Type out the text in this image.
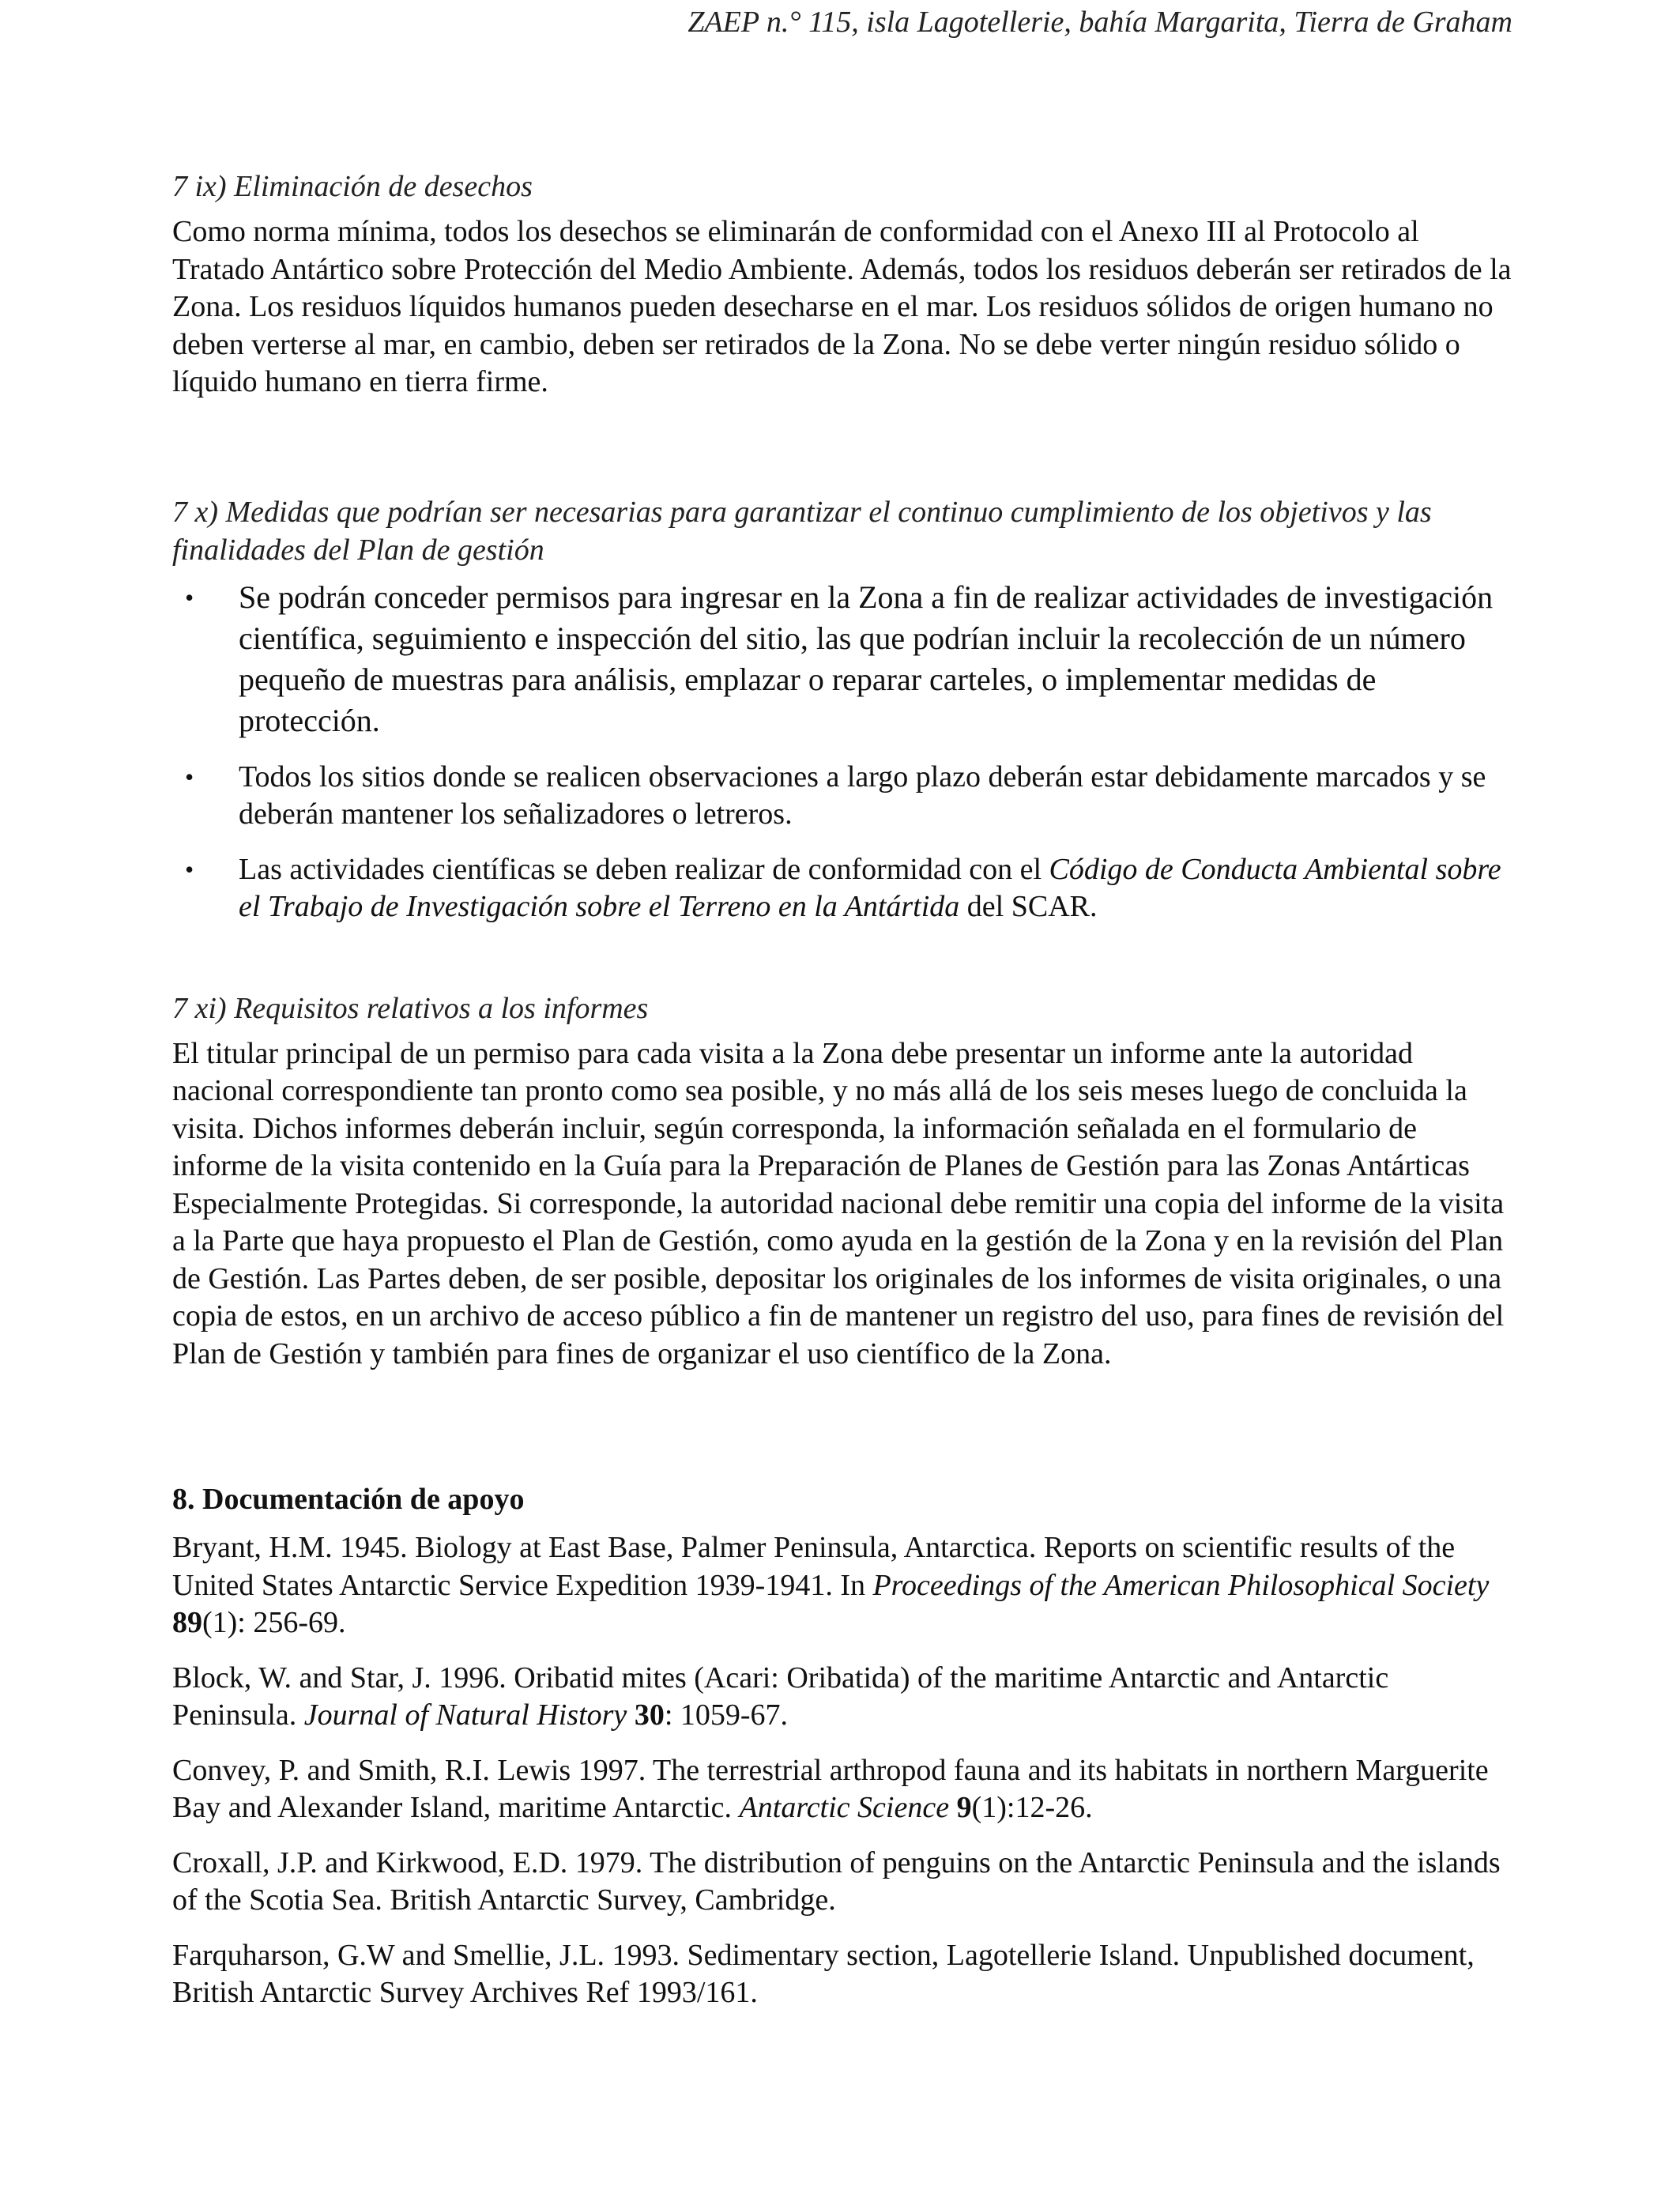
ZAEP n.° 115, isla Lagotellerie, bahía Margarita, Tierra de Graham

7 ix) Eliminación de desechos

Como norma mínima, todos los desechos se eliminarán de conformidad con el Anexo III al Protocolo al Tratado Antártico sobre Protección del Medio Ambiente. Además, todos los residuos deberán ser retirados de la Zona. Los residuos líquidos humanos pueden desecharse en el mar. Los residuos sólidos de origen humano no deben verterse al mar, en cambio, deben ser retirados de la Zona. No se debe verter ningún residuo sólido o líquido humano en tierra firme.

7 x) Medidas que podrían ser necesarias para garantizar el continuo cumplimiento de los objetivos y las finalidades del Plan de gestión

• Se podrán conceder permisos para ingresar en la Zona a fin de realizar actividades de investigación científica, seguimiento e inspección del sitio, las que podrían incluir la recolección de un número pequeño de muestras para análisis, emplazar o reparar carteles, o implementar medidas de protección.
• Todos los sitios donde se realicen observaciones a largo plazo deberán estar debidamente marcados y se deberán mantener los señalizadores o letreros.
• Las actividades científicas se deben realizar de conformidad con el Código de Conducta Ambiental sobre el Trabajo de Investigación sobre el Terreno en la Antártida del SCAR.

7 xi) Requisitos relativos a los informes

El titular principal de un permiso para cada visita a la Zona debe presentar un informe ante la autoridad nacional correspondiente tan pronto como sea posible, y no más allá de los seis meses luego de concluida la visita. Dichos informes deberán incluir, según corresponda, la información señalada en el formulario de informe de la visita contenido en la Guía para la Preparación de Planes de Gestión para las Zonas Antárticas Especialmente Protegidas. Si corresponde, la autoridad nacional debe remitir una copia del informe de la visita a la Parte que haya propuesto el Plan de Gestión, como ayuda en la gestión de la Zona y en la revisión del Plan de Gestión. Las Partes deben, de ser posible, depositar los originales de los informes de visita originales, o una copia de estos, en un archivo de acceso público a fin de mantener un registro del uso, para fines de revisión del Plan de Gestión y también para fines de organizar el uso científico de la Zona.

8. Documentación de apoyo

Bryant, H.M. 1945. Biology at East Base, Palmer Peninsula, Antarctica. Reports on scientific results of the United States Antarctic Service Expedition 1939-1941. In Proceedings of the American Philosophical Society 89(1): 256-69.

Block, W. and Star, J. 1996. Oribatid mites (Acari: Oribatida) of the maritime Antarctic and Antarctic Peninsula. Journal of Natural History 30: 1059-67.

Convey, P. and Smith, R.I. Lewis 1997. The terrestrial arthropod fauna and its habitats in northern Marguerite Bay and Alexander Island, maritime Antarctic. Antarctic Science 9(1):12-26.

Croxall, J.P. and Kirkwood, E.D. 1979. The distribution of penguins on the Antarctic Peninsula and the islands of the Scotia Sea. British Antarctic Survey, Cambridge.

Farquharson, G.W and Smellie, J.L. 1993. Sedimentary section, Lagotellerie Island. Unpublished document, British Antarctic Survey Archives Ref 1993/161.
